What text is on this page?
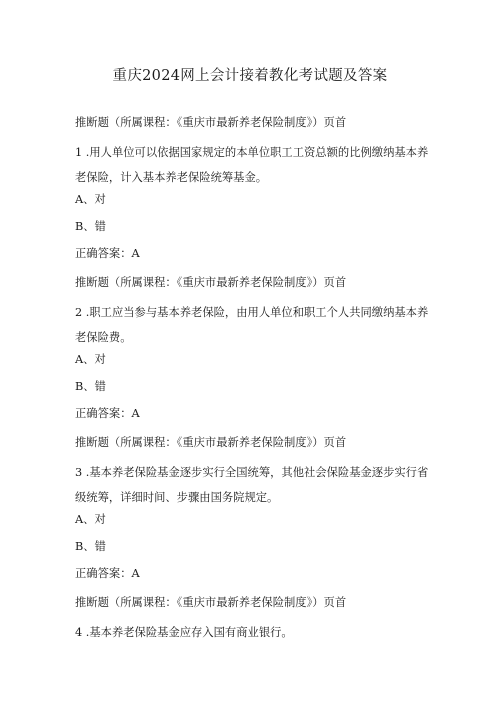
重庆2024网上会计接着教化考试题及答案
推断题（所属课程：《重庆市最新养老保险制度》）页首
1 .用人单位可以依据国家规定的本单位职工工资总额的比例缴纳基本养老保险，计入基本养老保险统筹基金。
A、对
B、错
正确答案：A
推断题（所属课程：《重庆市最新养老保险制度》）页首
2 .职工应当参与基本养老保险，由用人单位和职工个人共同缴纳基本养老保险费。
A、对
B、错
正确答案：A
推断题（所属课程：《重庆市最新养老保险制度》）页首
3 .基本养老保险基金逐步实行全国统筹，其他社会保险基金逐步实行省级统筹，详细时间、步骤由国务院规定。
A、对
B、错
正确答案：A
推断题（所属课程：《重庆市最新养老保险制度》）页首
4 .基本养老保险基金应存入国有商业银行。
